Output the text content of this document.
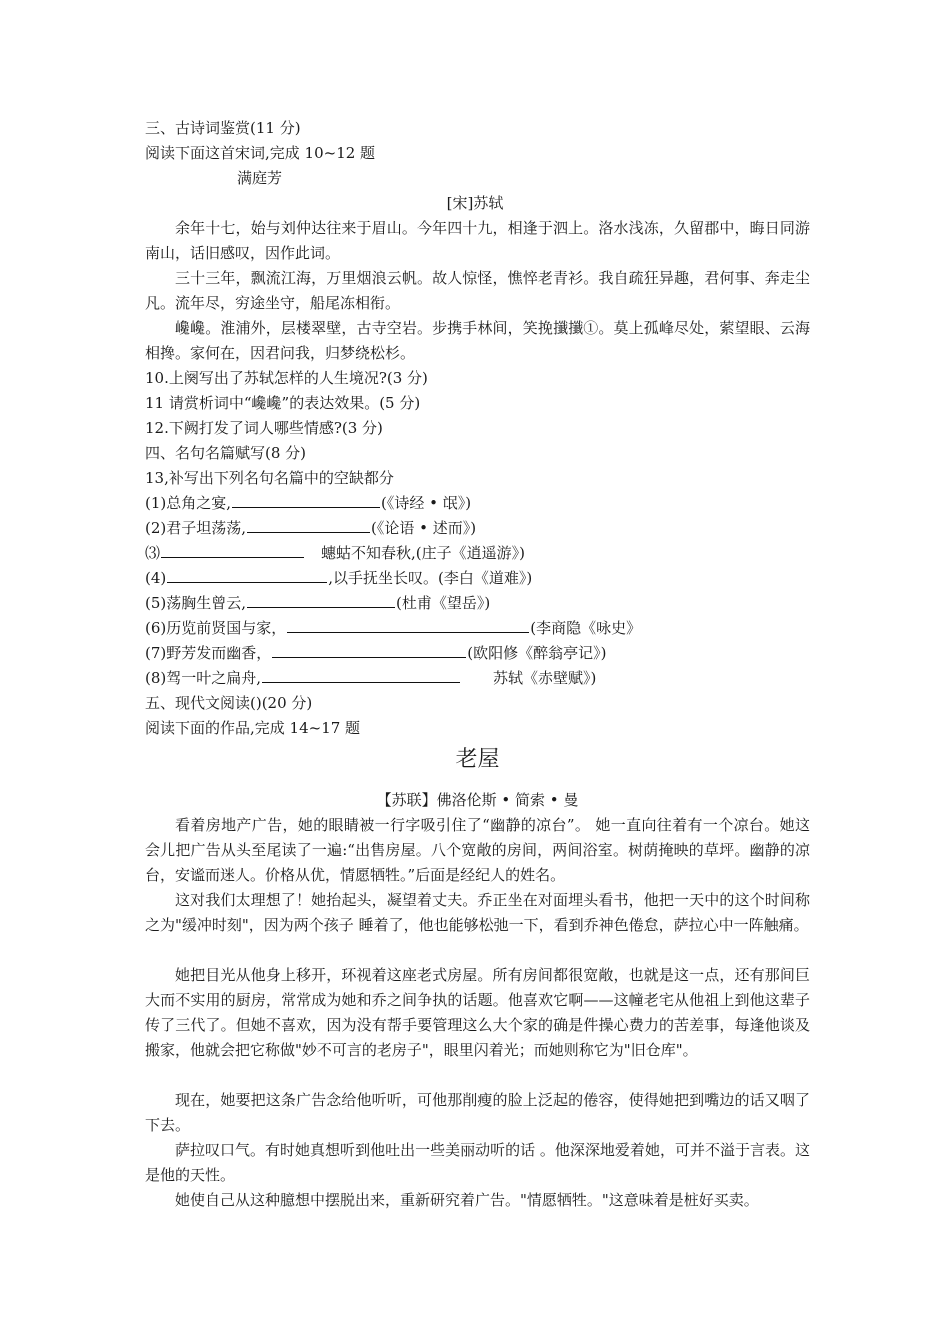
三、古诗词鉴赏(11 分)
阅读下面这首宋词,完成 10~12 题
满庭芳
[宋]苏轼

余年十七，始与刘仲达往来于眉山。今年四十九，相逢于泗上。洛水浅冻，久留郡中，晦日同游南山，话旧感叹，因作此词。

三十三年，飘流江海，万里烟浪云帆。故人惊怪，憔悴老青衫。我自疏狂异趣，君何事、奔走尘凡。流年尽，穷途坐守，船尾冻相衔。

巉巉。淮浦外，层楼翠壁，古寺空岩。步携手林间，笑挽攕攕①。莫上孤峰尽处，萦望眼、云海相搀。家何在，因君问我，归梦绕松杉。

10.上阕写出了苏轼怎样的人生境况?(3 分)
11 请赏析词中“巉巉”的表达效果。(5 分)
12.下阙打发了词人哪些情感?(3 分)
四、名句名篇赋写(8 分)
13,补写出下列名句名篇中的空缺都分
(1)总角之宴,	(《诗经 • 氓》)
(2)君子坦荡荡,	(《论语 • 述而》)
⑶	蟪蛄不知春秋,(庄子《逍遥游》)
(4)	,以手抚坐长叹。(李白《道难》)
(5)荡胸生曾云,	(杜甫《望岳》)
(6)历览前贤国与家，	(李商隐《咏史》
(7)野芳发而幽香，	(欧阳修《醉翁亭记》)
(8)驾一叶之扁舟,	苏轼《赤壁赋》)
五、现代文阅读()(20 分)
阅读下面的作品,完成 14~17 题
老屋
【苏联】佛洛伦斯 • 简索 • 曼

看着房地产广告，她的眼睛被一行字吸引住了“幽静的凉台”。 她一直向往着有一个凉台。她这会儿把广告从头至尾读了一遍:“出售房屋。八个宽敞的房间，两间浴室。树荫掩映的草坪。幽静的凉台，安谧而迷人。价格从优，情愿牺牲。”后面是经纪人的姓名。

这对我们太理想了！她抬起头，凝望着丈夫。乔正坐在对面埋头看书，他把一天中的这个时间称之为"缓冲时刻"，因为两个孩子 睡着了，他也能够松弛一下，看到乔神色倦怠，萨拉心中一阵触痛。

她把目光从他身上移开，环视着这座老式房屋。所有房间都很宽敞，也就是这一点，还有那间巨大而不实用的厨房，常常成为她和乔之间争执的话题。他喜欢它啊——这幢老宅从他祖上到他这辈子传了三代了。但她不喜欢，因为没有帮手要管理这么大个家的确是件操心费力的苦差事，每逢他谈及搬家，他就会把它称做"妙不可言的老房子"，眼里闪着光；而她则称它为"旧仓库"。

现在，她要把这条广告念给他听听，可他那削瘦的脸上泛起的倦容，使得她把到嘴边的话又咽了下去。

萨拉叹口气。有时她真想听到他吐出一些美丽动听的话 。他深深地爱着她，可并不溢于言表。这是他的天性。

她使自己从这种臆想中摆脱出来，重新研究着广告。"情愿牺牲。"这意味着是桩好买卖。
